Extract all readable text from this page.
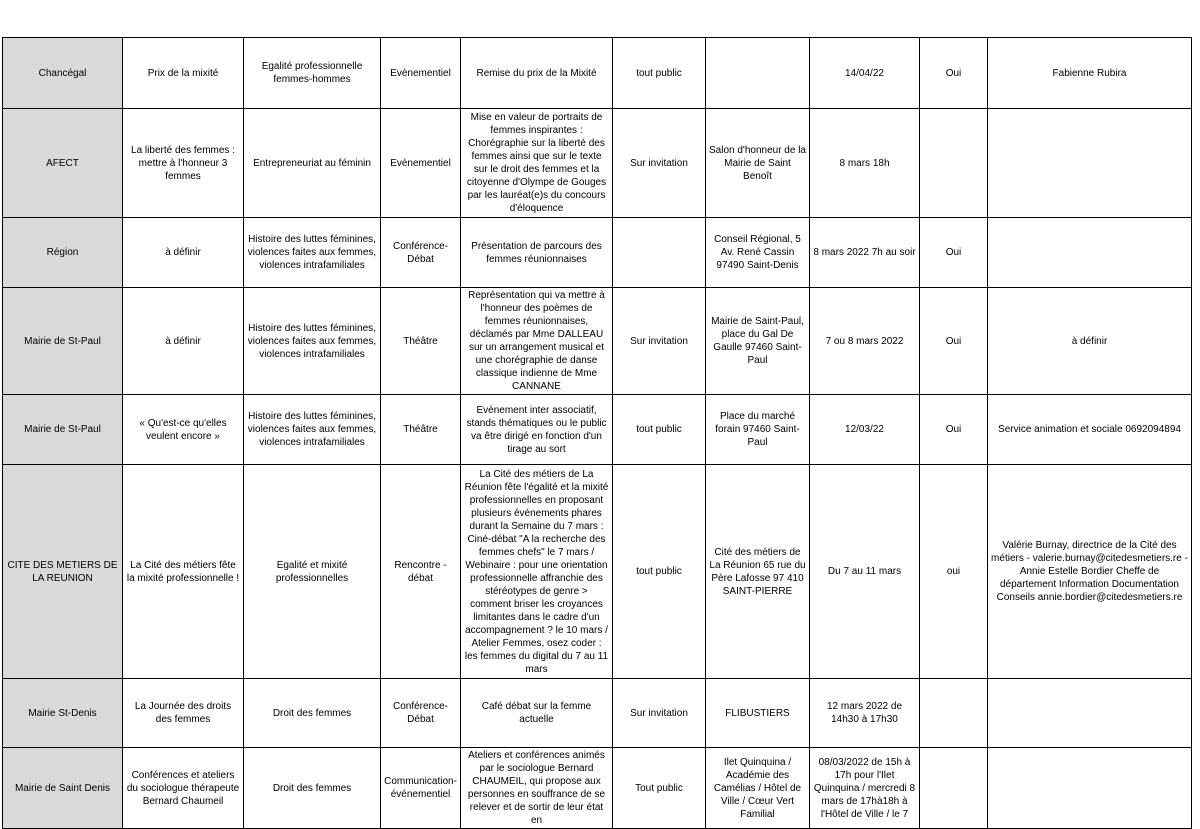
Chancégal	Prix de la mixité	Egalité professionnelle femmes-hommes	Evènementiel	Remise du prix de la Mixité	tout public		14/04/22	Oui	Fabienne Rubira
AFECT	La liberté des femmes : mettre à l'honneur 3 femmes	Entrepreneuriat au féminin	Evènementiel	Mise en valeur de portraits de femmes inspirantes : Chorégraphie sur la liberté des femmes ainsi que sur le texte sur le droit des femmes et la citoyenne d'Olympe de Gouges par les lauréat(e)s du concours d'éloquence	Sur invitation	Salon d'honneur de la Mairie de Saint Benoît	8 mars 18h		
Région	à définir	Histoire des luttes féminines, violences faites aux femmes, violences intrafamiliales	Conférence-Débat	Présentation de parcours des femmes réunionnaises		Conseil Régional, 5 Av. René Cassin 97490 Saint-Denis	8 mars 2022 7h au soir	Oui	
Mairie de St-Paul	à définir	Histoire des luttes féminines, violences faites aux femmes, violences intrafamiliales	Théâtre	Représentation qui va mettre à l'honneur des poèmes de femmes réunionnaises, déclamés par Mme DALLEAU sur un arrangement musical et une chorégraphie de danse classique indienne de Mme CANNANE	Sur invitation	Mairie de Saint-Paul, place du Gal De Gaulle 97460 Saint-Paul	7 ou 8 mars 2022	Oui	à définir
Mairie de St-Paul	« Qu'est-ce qu'elles veulent encore »	Histoire des luttes féminines, violences faites aux femmes, violences intrafamiliales	Théâtre	Evènement inter associatif, stands thématiques ou le public va être dirigé en fonction d'un tirage au sort	tout public	Place du marché forain 97460 Saint-Paul	12/03/22	Oui	Service animation et sociale 0692094894
CITE DES METIERS DE LA REUNION	La Cité des métiers fête la mixité professionnelle !	Egalité et mixité professionnelles	Rencontre - débat	La Cité des métiers de La Réunion fête l'égalité et la mixité professionnelles en proposant plusieurs événements phares durant la Semaine du 7 mars : Ciné-débat "A la recherche des femmes chefs" le 7 mars / Webinaire : pour une orientation professionnelle affranchie des stéréotypes de genre > comment briser les croyances limitantes dans le cadre d'un accompagnement ? le 10 mars / Atelier Femmes, osez coder : les femmes du digital du 7 au 11 mars	tout public	Cité des métiers de La Réunion 65 rue du Père Lafosse 97 410 SAINT-PIERRE	Du 7 au 11 mars	oui	Valérie Burnay, directrice de la Cité des métiers - valerie.burnay@citedesmetiers.re - Annie Estelle Bordier Cheffe de département Information Documentation Conseils annie.bordier@citedesmetiers.re
Mairie St-Denis	La Journée des droits des femmes	Droit des femmes	Conférence-Débat	Café débat sur la femme actuelle	Sur invitation	FLIBUSTIERS	12 mars 2022 de 14h30 à 17h30		
Mairie de Saint Denis	Conférences et ateliers du sociologue thérapeute Bernard Chaumeil	Droit des femmes	Communication-événementiel	Ateliers et conférences animés par le sociologue Bernard CHAUMEIL, qui propose aux personnes en souffrance de se relever et de sortir de leur état en	Tout public	Ilet Quinquina / Académie des Camélias / Hôtel de Ville / Cœur Vert Familial	08/03/2022 de 15h à 17h pour l'Ilet Quinquina / mercredi 8 mars de 17hà18h à l'Hôtel de Ville / le 7		
